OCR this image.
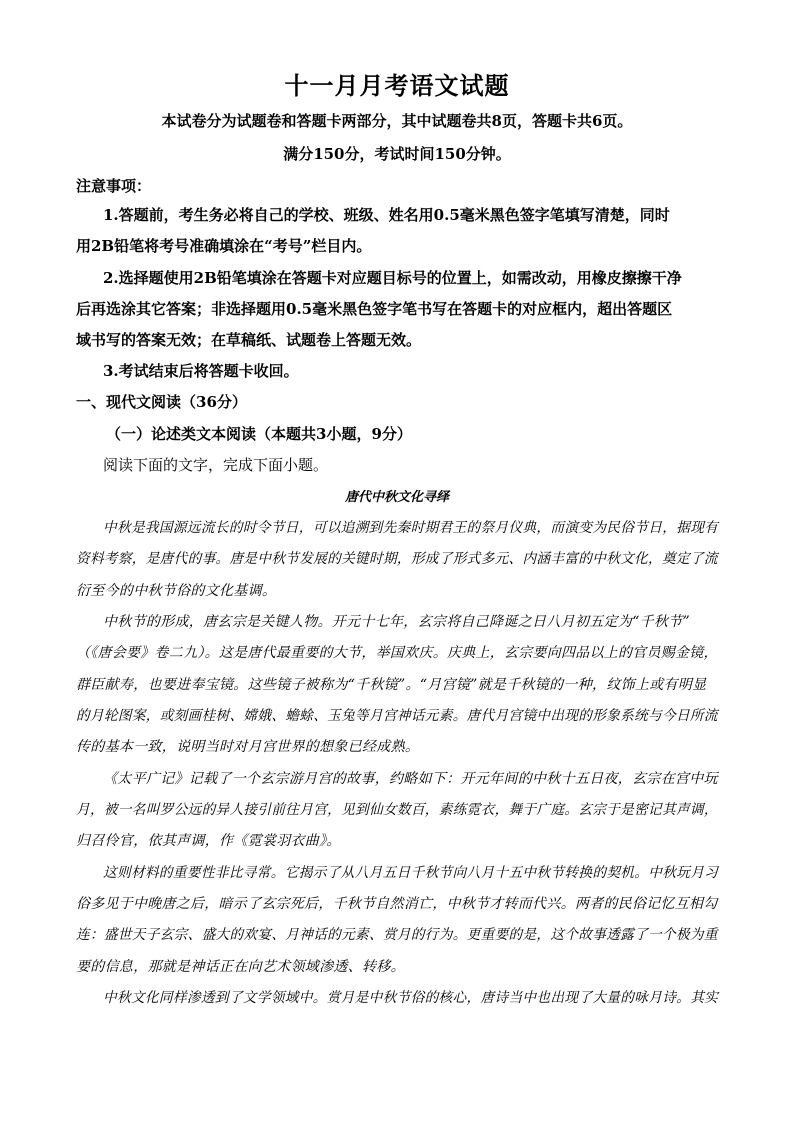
十一月月考语文试题
本试卷分为试题卷和答题卡两部分，其中试题卷共8页，答题卡共6页。
满分150分，考试时间150分钟。
注意事项：
1.答题前，考生务必将自己的学校、班级、姓名用0.5毫米黑色签字笔填写清楚，同时
用2B铅笔将考号准确填涂在“考号”栏目内。
2.选择题使用2B铅笔填涂在答题卡对应题目标号的位置上，如需改动，用橡皮擦擦干净
后再选涂其它答案；非选择题用0.5毫米黑色签字笔书写在答题卡的对应框内，超出答题区
域书写的答案无效；在草稿纸、试题卷上答题无效。
3.考试结束后将答题卡收回。
一、现代文阅读（36分）
（一）论述类文本阅读（本题共3小题，9分）
阅读下面的文字，完成下面小题。
唐代中秋文化寻绎
中秋是我国源远流长的时令节日，可以追溯到先秦时期君王的祭月仪典，而演变为民俗节日，据现有
资料考察，是唐代的事。唐是中秋节发展的关键时期，形成了形式多元、内涵丰富的中秋文化，奠定了流
衍至今的中秋节俗的文化基调。
中秋节的形成，唐玄宗是关键人物。开元十七年，玄宗将自己降诞之日八月初五定为“千秋节”
（《唐会要》卷二九）。这是唐代最重要的大节，举国欢庆。庆典上，玄宗要向四品以上的官员赐金镜，
群臣献寿，也要进奉宝镜。这些镜子被称为“千秋镜”。“月宫镜”就是千秋镜的一种，纹饰上或有明显
的月轮图案，或刻画桂树、嫦娥、蟾蜍、玉兔等月宫神话元素。唐代月宫镜中出现的形象系统与今日所流
传的基本一致，说明当时对月宫世界的想象已经成熟。
《太平广记》记载了一个玄宗游月宫的故事，约略如下：开元年间的中秋十五日夜，玄宗在宫中玩
月，被一名叫罗公远的异人接引前往月宫，见到仙女数百，素练霓衣，舞于广庭。玄宗于是密记其声调，
归召伶官，依其声调，作《霓裳羽衣曲》。
这则材料的重要性非比寻常。它揭示了从八月五日千秋节向八月十五中秋节转换的契机。中秋玩月习
俗多见于中晚唐之后，暗示了玄宗死后，千秋节自然消亡，中秋节才转而代兴。两者的民俗记忆互相勾
连：盛世天子玄宗、盛大的欢宴、月神话的元素、赏月的行为。更重要的是，这个故事透露了一个极为重
要的信息，那就是神话正在向艺术领域渗透、转移。
中秋文化同样渗透到了文学领域中。赏月是中秋节俗的核心，唐诗当中也出现了大量的咏月诗。其实
